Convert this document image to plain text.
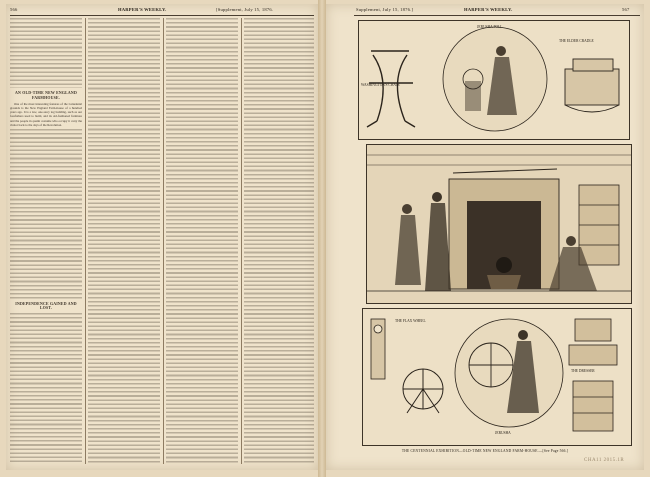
566	HARPER'S WEEKLY.	[Supplement, July 15, 1876.
AN OLD-TIME NEW ENGLAND FARMHOUSE.
One of the most interesting features of the Centennial grounds is the New England Farm-house of a hundred years ago. It is a low, one-story log building, such as our forefathers used to build, and its old-fashioned furniture and the people in quaint costume who occupy it carry the visitor back to the days of the Revolution.
INDEPENDENCE GAINED AND LOST.
Supplement, July 15, 1876.]	HARPER'S WEEKLY.	567
WASHINGTON'S CHAIR
JERUSHA POLL
THE ELDER CRADLE
THE FLAX WHEEL
JERUSHA
THE DRESSER
THE CENTENNIAL EXHIBITION—OLD-TIME NEW ENGLAND FARM-HOUSE.—[See Page 566.]
CHA11 2015.1R
